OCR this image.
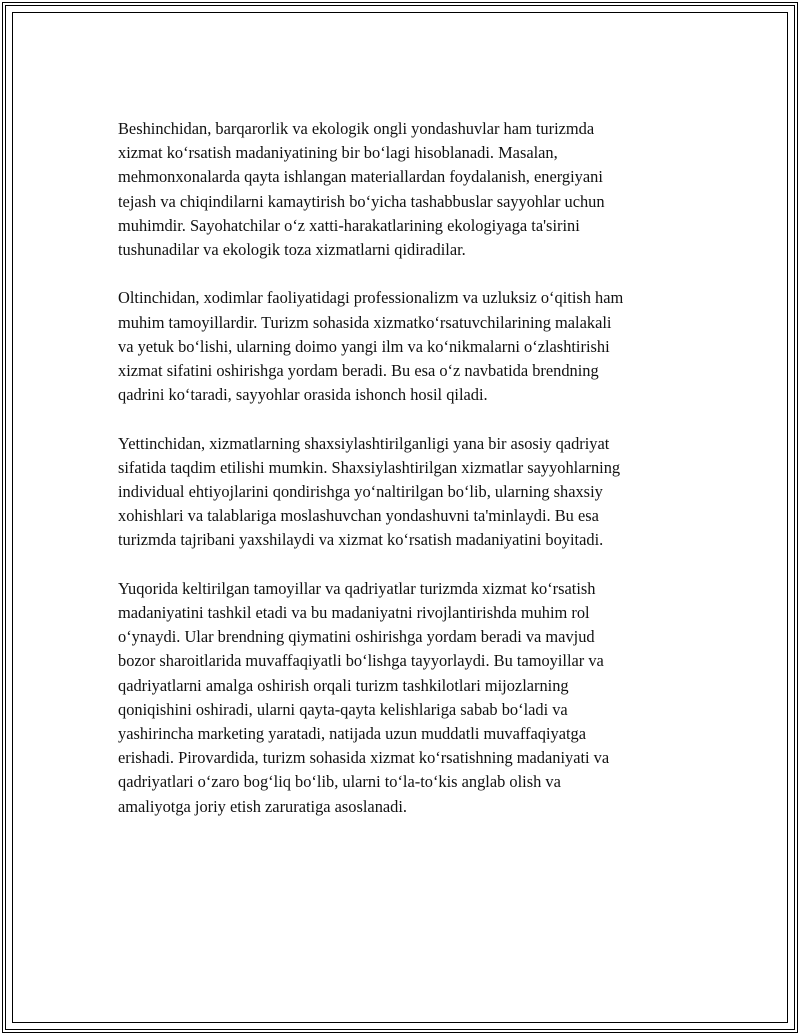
Beshinchidan, barqarorlik va ekologik ongli yondashuvlar ham turizmda
xizmat ko‘rsatish madaniyatining bir bo‘lagi hisoblanadi. Masalan,
mehmonxonalarda qayta ishlangan materiallardan foydalanish, energiyani
tejash va chiqindilarni kamaytirish bo‘yicha tashabbuslar sayyohlar uchun
muhimdir. Sayohatchilar o‘z xatti-harakatlarining ekologiyaga ta'sirini
tushunadilar va ekologik toza xizmatlarni qidiradilar.

Oltinchidan, xodimlar faoliyatidagi professionalizm va uzluksiz o‘qitish ham
muhim tamoyillardir. Turizm sohasida xizmatko‘rsatuvchilarining malakali
va yetuk bo‘lishi, ularning doimo yangi ilm va ko‘nikmalarni o‘zlashtirishi
xizmat sifatini oshirishga yordam beradi. Bu esa o‘z navbatida brendning
qadrini ko‘taradi, sayyohlar orasida ishonch hosil qiladi.

Yettinchidan, xizmatlarning shaxsiylashtirilganligi yana bir asosiy qadriyat
sifatida taqdim etilishi mumkin. Shaxsiylashtirilgan xizmatlar sayyohlarning
individual ehtiyojlarini qondirishga yo‘naltirilgan bo‘lib, ularning shaxsiy
xohishlari va talablariga moslashuvchan yondashuvni ta'minlaydi. Bu esa
turizmda tajribani yaxshilaydi va xizmat ko‘rsatish madaniyatini boyitadi.

Yuqorida keltirilgan tamoyillar va qadriyatlar turizmda xizmat ko‘rsatish
madaniyatini tashkil etadi va bu madaniyatni rivojlantirishda muhim rol
o‘ynaydi. Ular brendning qiymatini oshirishga yordam beradi va mavjud
bozor sharoitlarida muvaffaqiyatli bo‘lishga tayyorlaydi. Bu tamoyillar va
qadriyatlarni amalga oshirish orqali turizm tashkilotlari mijozlarning
qoniqishini oshiradi, ularni qayta-qayta kelishlariga sabab bo‘ladi va
yashirincha marketing yaratadi, natijada uzun muddatli muvaffaqiyatga
erishadi. Pirovardida, turizm sohasida xizmat ko‘rsatishning madaniyati va
qadriyatlari o‘zaro bog‘liq bo‘lib, ularni to‘la-to‘kis anglab olish va
amaliyotga joriy etish zaruratiga asoslanadi.
